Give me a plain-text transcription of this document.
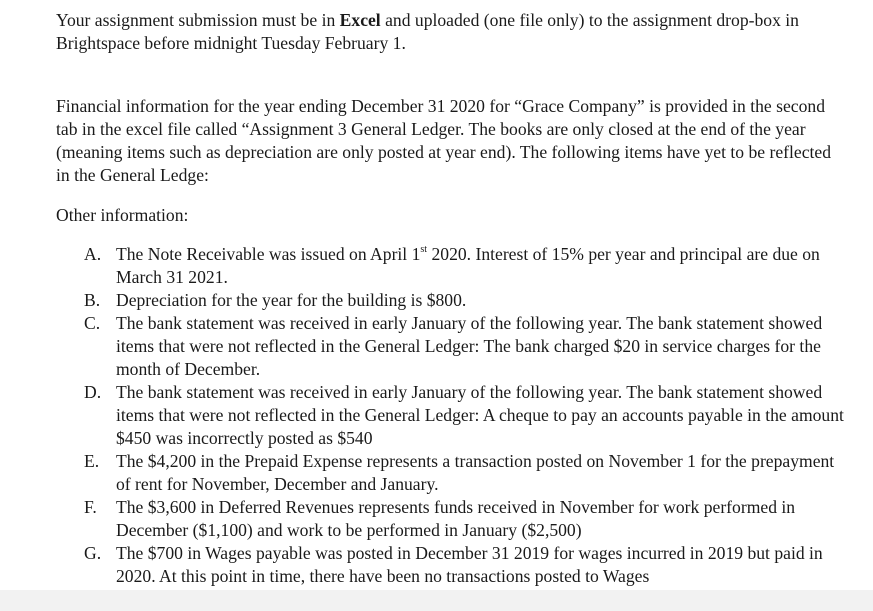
Your assignment submission must be in Excel and uploaded (one file only) to the assignment drop-box in Brightspace before midnight Tuesday February 1.

Financial information for the year ending December 31 2020 for “Grace Company” is provided in the second tab in the excel file called “Assignment 3 General Ledger. The books are only closed at the end of the year (meaning items such as depreciation are only posted at year end). The following items have yet to be reflected in the General Ledge:

Other information:

A. The Note Receivable was issued on April 1st 2020. Interest of 15% per year and principal are due on March 31 2021.
B. Depreciation for the year for the building is $800.
C. The bank statement was received in early January of the following year. The bank statement showed items that were not reflected in the General Ledger: The bank charged $20 in service charges for the month of December.
D. The bank statement was received in early January of the following year. The bank statement showed items that were not reflected in the General Ledger: A cheque to pay an accounts payable in the amount $450 was incorrectly posted as $540
E. The $4,200 in the Prepaid Expense represents a transaction posted on November 1 for the prepayment of rent for November, December and January.
F. The $3,600 in Deferred Revenues represents funds received in November for work performed in December ($1,100) and work to be performed in January ($2,500)
G. The $700 in Wages payable was posted in December 31 2019 for wages incurred in 2019 but paid in 2020. At this point in time, there have been no transactions posted to Wages
